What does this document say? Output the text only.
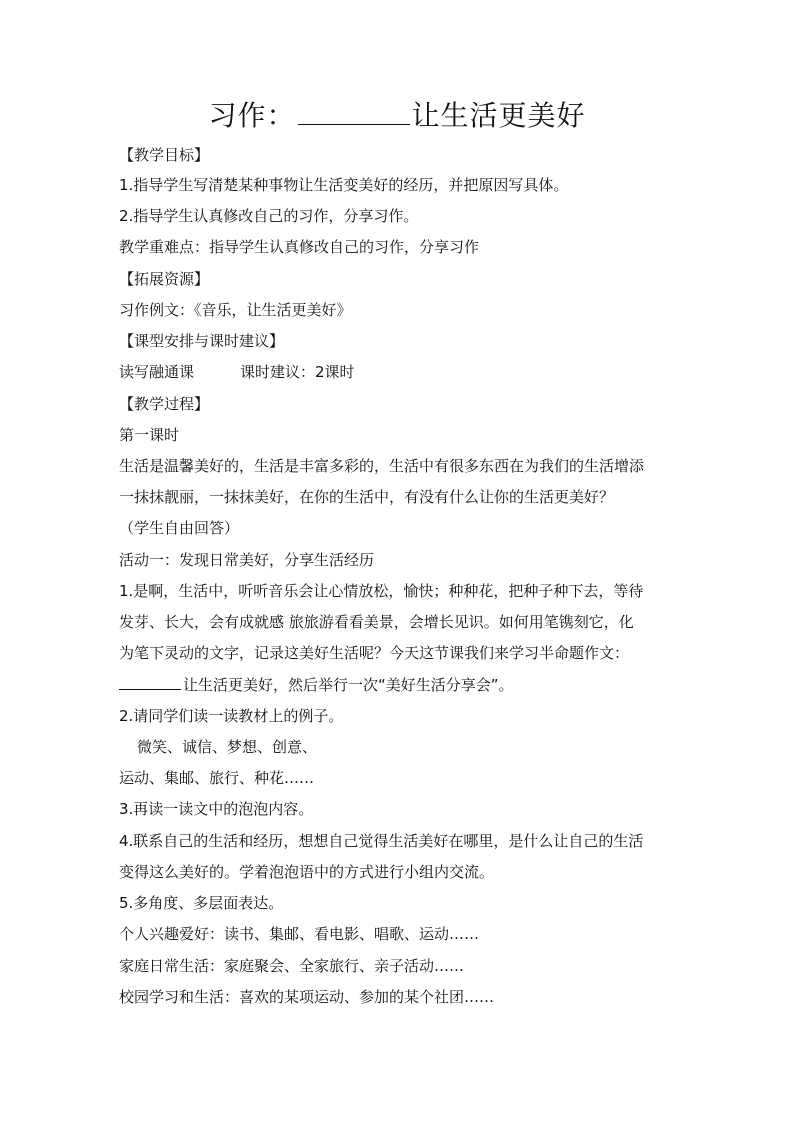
习作：	让生活更美好
【教学目标】
1.指导学生写清楚某种事物让生活变美好的经历，并把原因写具体。
2.指导学生认真修改自己的习作，分享习作。
教学重难点：指导学生认真修改自己的习作，分享习作
【拓展资源】
习作例文：《音乐，让生活更美好》
【课型安排与课时建议】
读写融通课	课时建议：2课时
【教学过程】
第一课时
生活是温馨美好的，生活是丰富多彩的，生活中有很多东西在为我们的生活增添
一抹抹靓丽，一抹抹美好，在你的生活中，有没有什么让你的生活更美好？
（学生自由回答）
活动一：发现日常美好，分享生活经历
1.是啊，生活中，听听音乐会让心情放松，愉快；种种花，把种子种下去，等待
发芽、长大，会有成就感 旅旅游看看美景，会增长见识。如何用笔镌刻它，化
为笔下灵动的文字，记录这美好生活呢？今天这节课我们来学习半命题作文：
让生活更美好，然后举行一次“美好生活分享会”。
2.请同学们读一读教材上的例子。
微笑、诚信、梦想、创意、
运动、集邮、旅行、种花……
3.再读一读文中的泡泡内容。
4.联系自己的生活和经历，想想自己觉得生活美好在哪里，是什么让自己的生活
变得这么美好的。学着泡泡语中的方式进行小组内交流。
5.多角度、多层面表达。
个人兴趣爱好：读书、集邮、看电影、唱歌、运动……
家庭日常生活：家庭聚会、全家旅行、亲子活动……
校园学习和生活：喜欢的某项运动、参加的某个社团……
